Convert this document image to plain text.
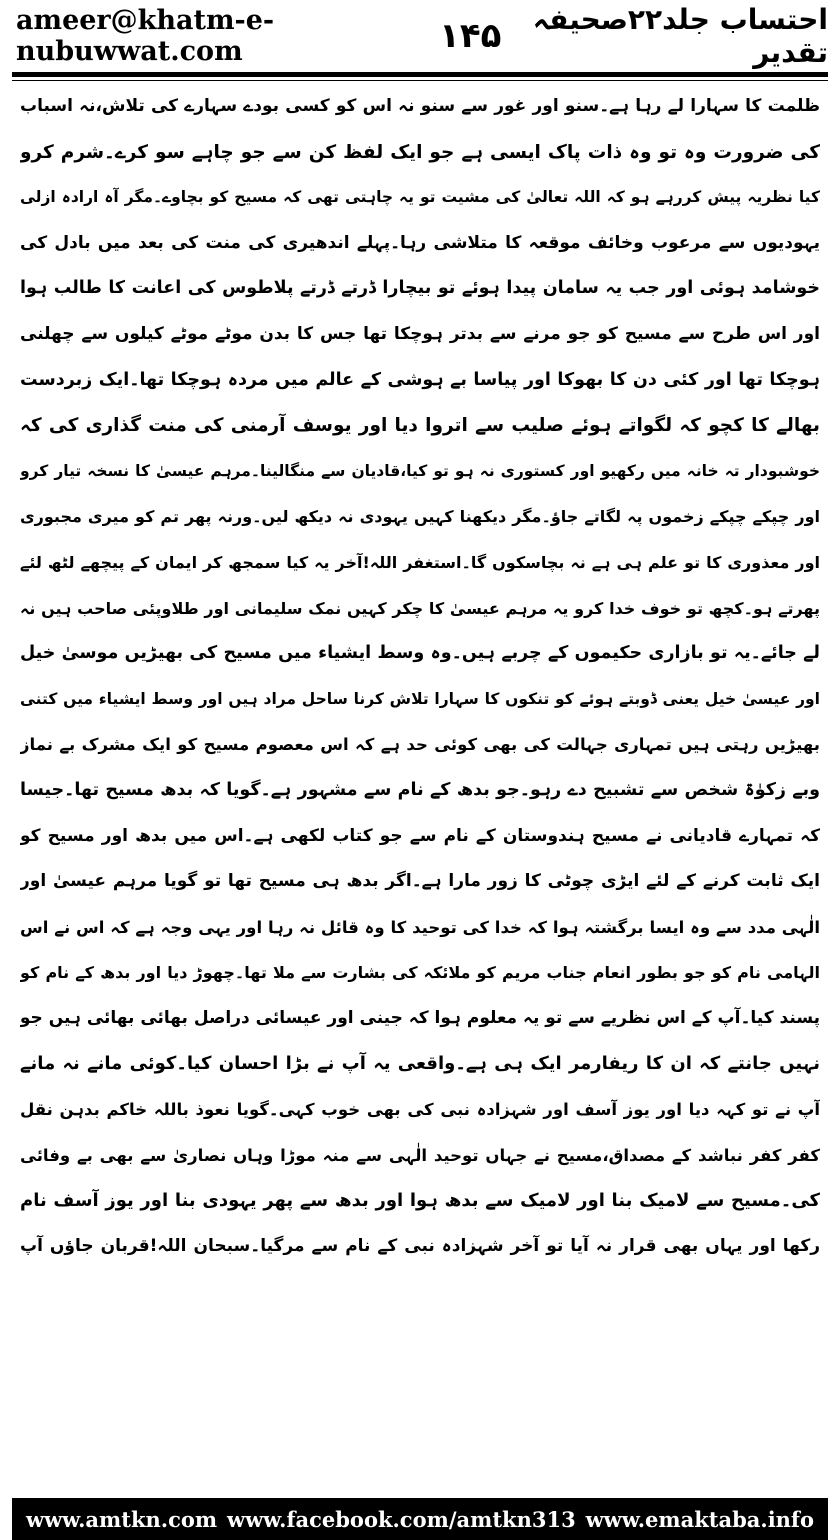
ameer@khatm-e-nubuwwat.com	۱۴۵	احتساب جلد۲۲صحیفہ تقدیر
ظلمت کا سہارا لے رہا ہے۔سنو اور غور سے سنو نہ اس کو کسی بودے سہارے کی تلاش،نہ اسباب
کی ضرورت وہ تو وہ ذات پاک ایسی ہے جو ایک لفظ کن سے جو چاہے سو کرے۔شرم کرو
کیا نظریہ پیش کررہے ہو کہ اللہ تعالیٰ کی مشیت تو یہ چاہتی تھی کہ مسیح کو بچاوے۔مگر آہ ارادہ ازلی
یہودیوں سے مرعوب وخائف موقعہ کا متلاشی رہا۔پہلے اندھیری کی منت کی بعد میں بادل کی
خوشامد ہوئی اور جب یہ سامان پیدا ہوئے تو بیچارا ڈرتے ڈرتے پلاطوس کی اعانت کا طالب ہوا
اور اس طرح سے مسیح کو جو مرنے سے بدتر ہوچکا تھا جس کا بدن موٹے موٹے کیلوں سے چھلنی
ہوچکا تھا اور کئی دن کا بھوکا اور پیاسا بے ہوشی کے عالم میں مردہ ہوچکا تھا۔ایک زبردست
بھالے کا کچو کہ لگواتے ہوئے صلیب سے اتروا دیا اور یوسف آرمنی کی منت گذاری کی کہ
خوشبودار تہ خانہ میں رکھیو اور کستوری نہ ہو تو کیا،قادیان سے منگالینا۔مرہم عیسیٰ کا نسخہ تیار کرو
اور چپکے چپکے زخموں پہ لگاتے جاؤ۔مگر دیکھنا کہیں یہودی نہ دیکھ لیں۔ورنہ پھر تم کو میری مجبوری
اور معذوری کا تو علم ہی ہے نہ بچاسکوں گا۔استغفر اللہ!آخر یہ کیا سمجھ کر ایمان کے پیچھے لٹھ لئے
پھرتے ہو۔کچھ تو خوف خدا کرو یہ مرہم عیسیٰ کا چکر کہیں نمک سلیمانی اور طلاوپئی صاحب ہیں نہ
لے جائے۔یہ تو بازاری حکیموں کے چربے ہیں۔وہ وسط ایشیاء میں مسیح کی بھیڑیں موسیٰ خیل
اور عیسیٰ خیل یعنی ڈوبتے ہوئے کو تنکوں کا سہارا تلاش کرنا ساحل مراد ہیں اور وسط ایشیاء میں کتنی
بھیڑیں رہتی ہیں تمہاری جہالت کی بھی کوئی حد ہے کہ اس معصوم مسیح کو ایک مشرک بے نماز
وبے زکوٰۃ شخص سے تشبیح دے رہو۔جو بدھ کے نام سے مشہور ہے۔گویا کہ بدھ مسیح تھا۔جیسا
کہ تمہارے قادیانی نے مسیح ہندوستان کے نام سے جو کتاب لکھی ہے۔اس میں بدھ اور مسیح کو
ایک ثابت کرنے کے لئے ایڑی چوٹی کا زور مارا ہے۔اگر بدھ ہی مسیح تھا تو گویا مرہم عیسیٰ اور
الٰہی مدد سے وہ ایسا برگشتہ ہوا کہ خدا کی توحید کا وہ قائل نہ رہا اور یہی وجہ ہے کہ اس نے اس
الہامی نام کو جو بطور انعام جناب مریم کو ملائکہ کی بشارت سے ملا تھا۔چھوڑ دیا اور بدھ کے نام کو
پسند کیا۔آپ کے اس نظریے سے تو یہ معلوم ہوا کہ جینی اور عیسائی دراصل بھائی بھائی ہیں جو
نہیں جانتے کہ ان کا ریفارمر ایک ہی ہے۔واقعی یہ آپ نے بڑا احسان کیا۔کوئی مانے نہ مانے
آپ نے تو کہہ دیا اور یوز آسف اور شہزادہ نبی کی بھی خوب کہی۔گویا نعوذ باللہ خاکم بدہن نقل
کفر کفر نباشد کے مصداق،مسیح نے جہاں توحید الٰہی سے منہ موڑا وہاں نصاریٰ سے بھی بے وفائی
کی۔مسیح سے لامیک بنا اور لامیک سے بدھ ہوا اور بدھ سے پھر یہودی بنا اور یوز آسف نام
رکھا اور یہاں بھی قرار نہ آیا تو آخر شہزادہ نبی کے نام سے مرگیا۔سبحان اللہ!قربان جاؤں آپ
www.amtkn.com www.facebook.com/amtkn313 www.emaktaba.info
